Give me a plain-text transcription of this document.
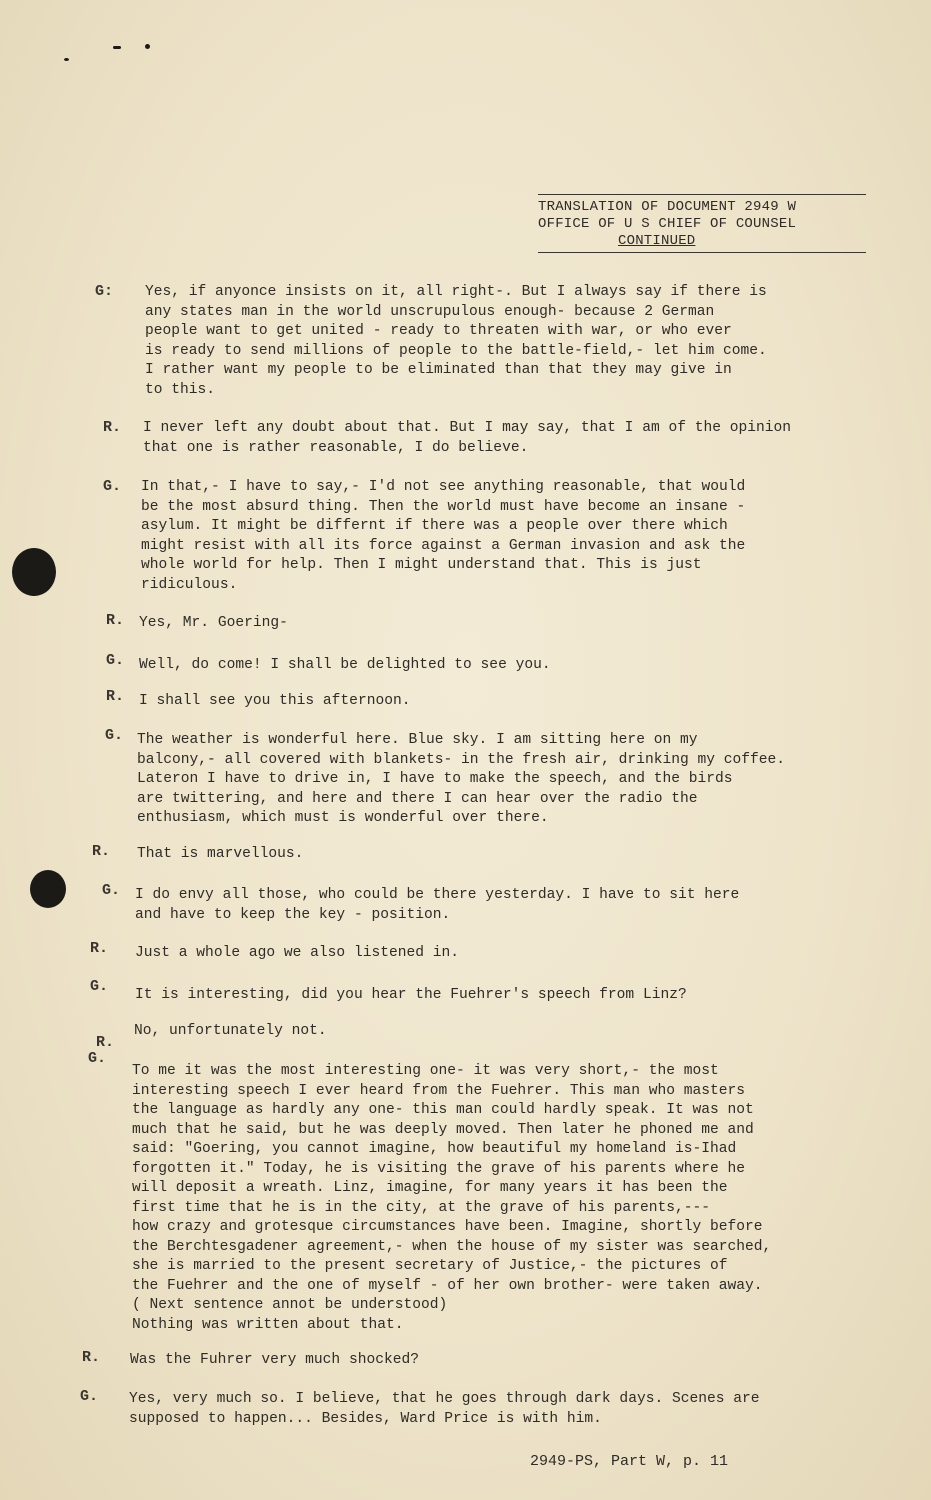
TRANSLATION OF DOCUMENT 2949 W
OFFICE OF U S CHIEF OF COUNSEL
CONTINUED
G: Yes, if anyonce insists on it, all right-. But I always say if there is
any states man in the world unscrupulous enough- because 2 German
people want to get united - ready to threaten with war, or who ever
is ready to send millions of people to the battle-field,- let him come.
I rather want my people to be eliminated than that they may give in
to this.
R. I never left any doubt about that. But I may say, that I am of the opinion
that one is rather reasonable, I do believe.
G. In that,- I have to say,- I'd not see anything reasonable, that would
be the most absurd thing. Then the world must have become an insane -
asylum. It might be differnt if there was a people over there which
might resist with all its force against a German invasion and ask the
whole world for help. Then I might understand that. This is just
ridiculous.
R. Yes, Mr. Goering-
G. Well, do come! I shall be delighted to see you.
R. I shall see you this afternoon.
G. The weather is wonderful here. Blue sky. I am sitting here on my
balcony,- all covered with blankets- in the fresh air, drinking my coffee.
Lateron I have to drive in, I have to make the speech, and the birds
are twittering, and here and there I can hear over the radio the
enthusiasm, which must is wonderful over there.
R. That is marvellous.
G. I do envy all those, who could be there yesterday. I have to sit here
and have to keep the key - position.
R. Just a whole ago we also listened in.
G. It is interesting, did you hear the Fuehrer's speech from Linz?
R.
No, unfortunately not.
G.
To me it was the most interesting one- it was very short,- the most
interesting speech I ever heard from the Fuehrer. This man who masters
the language as hardly any one- this man could hardly speak. It was not
much that he said, but he was deeply moved. Then later he phoned me and
said: "Goering, you cannot imagine, how beautiful my homeland is-Ihad
forgotten it." Today, he is visiting the grave of his parents where he
will deposit a wreath. Linz, imagine, for many years it has been the
first time that he is in the city, at the grave of his parents,---
how crazy and grotesque circumstances have been. Imagine, shortly before
the Berchtesgadener agreement,- when the house of my sister was searched,
she is married to the present secretary of Justice,- the pictures of
the Fuehrer and the one of myself - of her own brother- were taken away.
( Next sentence annot be understood)
Nothing was written about that.
R. Was the Fuhrer very much shocked?
G. Yes, very much so. I believe, that he goes through dark days. Scenes are
supposed to happen... Besides, Ward Price is with him.
2949-PS, Part W, p. 11
